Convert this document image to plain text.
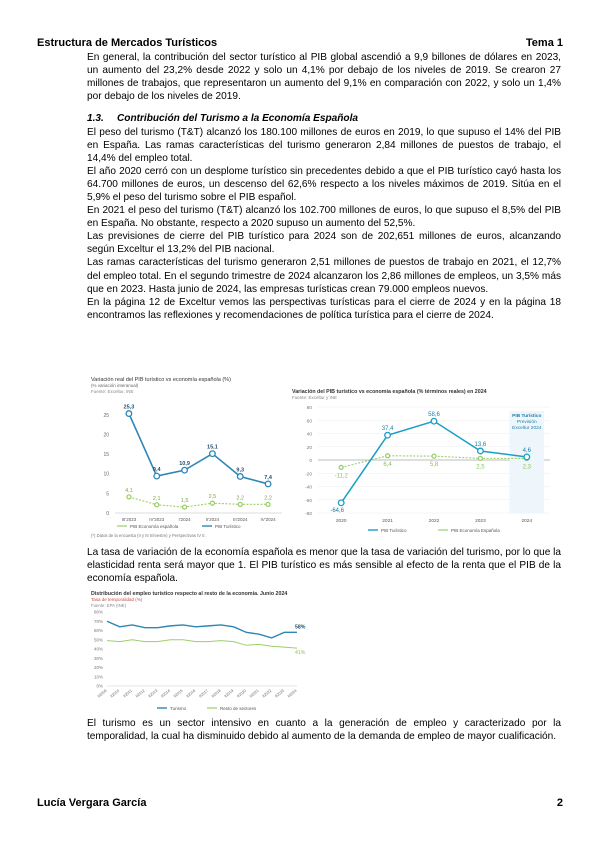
Estructura de Mercados Turísticos	Tema 1

En general, la contribución del sector turístico al PIB global ascendió a 9,9 billones de dólares en 2023, un aumento del 23,2% desde 2022 y solo un 4,1% por debajo de los niveles de 2019. Se crearon 27 millones de trabajos, que representaron un aumento del 9,1% en comparación con 2022, y solo un 1,4% por debajo de los niveles de 2019.

1.3.	Contribución del Turismo a la Economía Española

El peso del turismo (T&T) alcanzó los 180.100 millones de euros en 2019, lo que supuso el 14% del PIB en España. Las ramas características del turismo generaron 2,84 millones de puestos de trabajo, el 14,4% del empleo total.

El año 2020 cerró con un desplome turístico sin precedentes debido a que el PIB turístico cayó hasta los 64.700 millones de euros, un descenso del 62,6% respecto a los niveles máximos de 2019. Sitúa en el 5,9% el peso del turismo sobre el PIB español.

En 2021 el peso del turismo (T&T) alcanzó los 102.700 millones de euros, lo que supuso el 8,5% del PIB en España. No obstante, respecto a 2020 supuso un aumento del 52,5%.

Las previsiones de cierre del PIB turístico para 2024 son de 202,651 millones de euros, alcanzando según Exceltur el 13,2% del PIB nacional.

Las ramas características del turismo generaron 2,51 millones de puestos de trabajo en 2021, el 12,7% del empleo total. En el segundo trimestre de 2024 alcanzaron los 2,86 millones de empleos, un 3,5% más que en 2023. Hasta junio de 2024, las empresas turísticas crean 79.000 empleos nuevos.

En la página 12 de Exceltur vemos las perspectivas turísticas para el cierre de 2024 y en la página 18 encontramos las reflexiones y recomendaciones de política turística para el cierre de 2024.

Variación real del PIB turístico vs economía española (%)
(% variación interanual)
Fuente: Exceltur, INE
0
5
10
15
20
25
III'2023	IV'2023	I'2024	II'2024	III'2024	IV'2024
25,3
9,4
10,9
15,1
9,3
7,4
4,1
2,1	1,5
2,5	2,2	2,2
PIB Economía española	PIB Turístico
(*) Datos de la encuesta (II y III trimestre) y Perspectivas IV tr.
Variación del PIB turístico vs economía española (% términos reales) en 2024
Fuente: Exceltur y INE
80
60
40
20
0
-20
-40
-60
-80
2020	2021	2022	2023	2024
-11,2
6,4	5,8	2,5	2,3
-64,6
37,4
58,6
13,6
4,6
PIB Turístico
Previsión
Exceltur 2024
PIB Turístico	PIB Economía Española

La tasa de variación de la economía española es menor que la tasa de variación del turismo, por lo que la elasticidad renta será mayor que 1. El PIB turístico es más sensible al efecto de la renta que el PIB de la economía española.

Distribución del empleo turístico respecto al resto de la economía. Junio 2024
Tasa de temporalidad (%)
Fuente: EPA (INE)
80%
70%
60%
50%
40%
30%
20%
10%
0%
II2009 II2010 II2011 II2012 II2013 II2014 II2015 II2016 II2017 II2018 II2019 II2020 II2021 II2022 II2023 II2024
58%
41%
Turismo	Resto de sectores

El turismo es un sector intensivo en cuanto a la generación de empleo y caracterizado por la temporalidad, la cual ha disminuido debido al aumento de la demanda de empleo de mayor cualificación.

Lucía Vergara García	2
